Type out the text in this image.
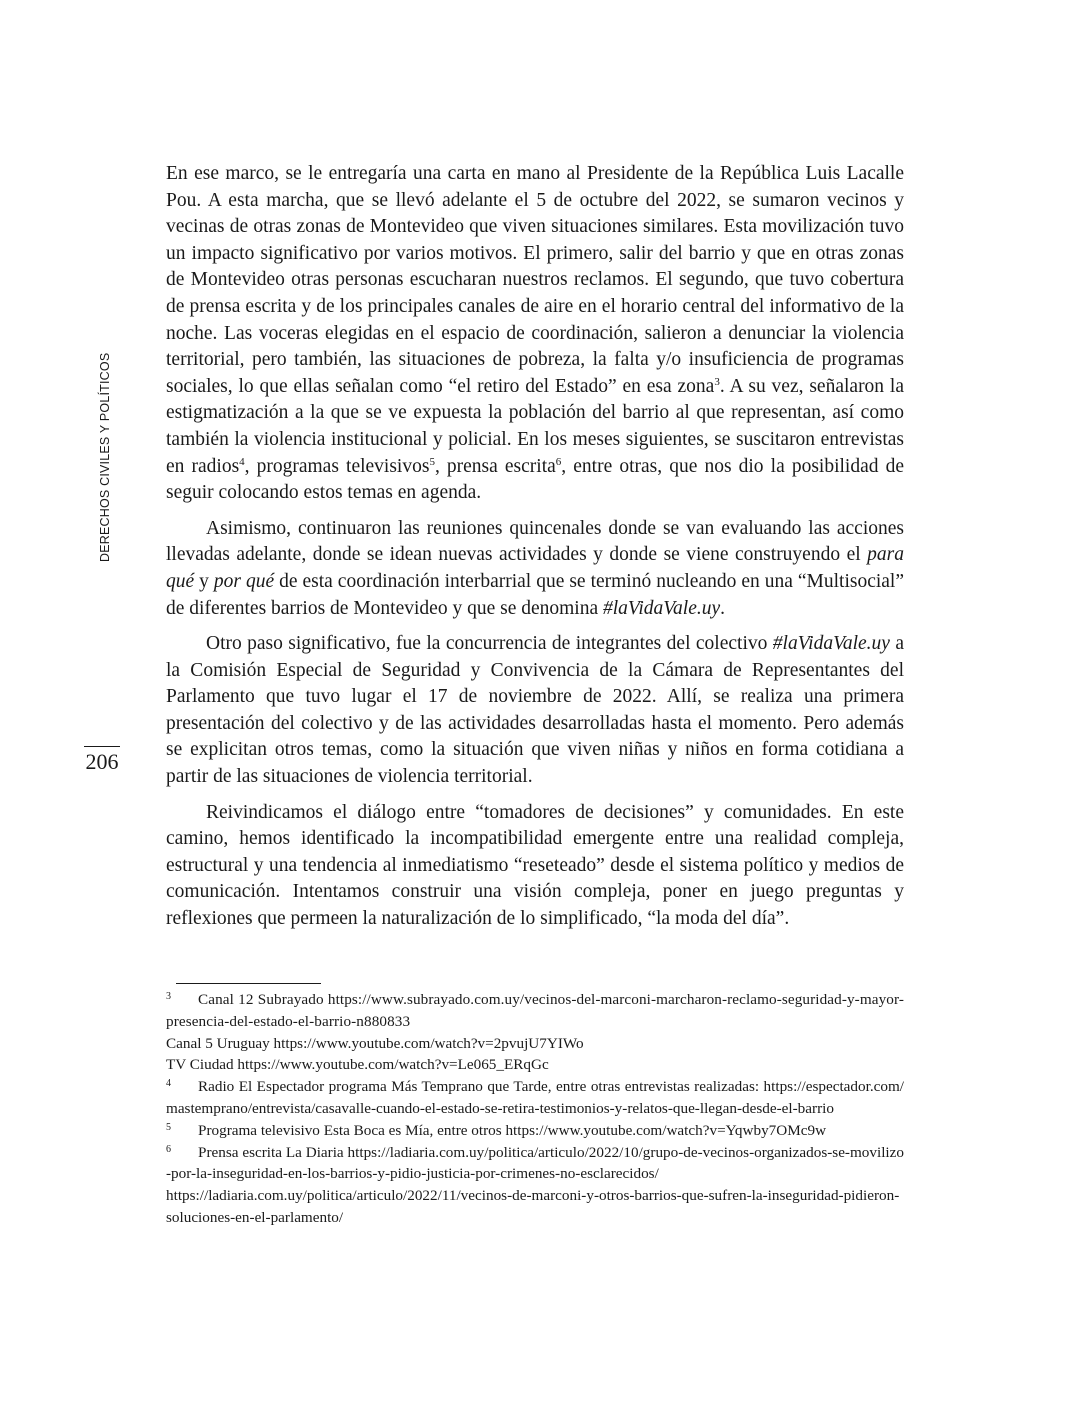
DERECHOS CIVILES Y POLÍTICOS
206

En ese marco, se le entregaría una carta en mano al Presidente de la República Luis Lacalle Pou. A esta marcha, que se llevó adelante el 5 de octubre del 2022, se sumaron vecinos y vecinas de otras zonas de Montevideo que viven situaciones similares. Esta movilización tuvo un impacto significativo por varios motivos. El primero, salir del barrio y que en otras zonas de Montevideo otras personas escucharan nuestros reclamos. El segundo, que tuvo cobertura de prensa escrita y de los principales canales de aire en el horario central del informativo de la noche. Las voceras elegidas en el espacio de coordinación, salieron a denunciar la violencia territorial, pero también, las situaciones de pobreza, la falta y/o insuficiencia de programas sociales, lo que ellas señalan como “el retiro del Estado” en esa zona$^3$. A su vez, señalaron la estigmatización a la que se ve expuesta la población del barrio al que representan, así como también la violencia institucional y policial. En los meses siguientes, se suscitaron entrevistas en radios$^4$, programas televisivos$^5$, prensa escrita$^6$, entre otras, que nos dio la posibilidad de seguir colocando estos temas en agenda.

Asimismo, continuaron las reuniones quincenales donde se van evaluando las acciones llevadas adelante, donde se idean nuevas actividades y donde se viene construyendo el para qué y por qué de esta coordinación interbarrial que se terminó nucleando en una “Multisocial” de diferentes barrios de Montevideo y que se denomina #laVidaVale.uy.

Otro paso significativo, fue la concurrencia de integrantes del colectivo #laVidaVale.uy a la Comisión Especial de Seguridad y Convivencia de la Cámara de Representantes del Parlamento que tuvo lugar el 17 de noviembre de 2022. Allí, se realiza una primera presentación del colectivo y de las actividades desarrolladas hasta el momento. Pero además se explicitan otros temas, como la situación que viven niñas y niños en forma cotidiana a partir de las situaciones de violencia territorial.

Reivindicamos el diálogo entre “tomadores de decisiones” y comunidades. En este camino, hemos identificado la incompatibilidad emergente entre una realidad compleja, estructural y una tendencia al inmediatismo “reseteado” desde el sistema político y medios de comunicación. Intentamos construir una visión compleja, poner en juego preguntas y reflexiones que permeen la naturalización de lo simplificado, “la moda del día”.

3 Canal 12 Subrayado https://www.subrayado.com.uy/vecinos-del-marconi-marcharon-reclamo-seguridad-y-mayor-presencia-del-estado-el-barrio-n880833

Canal 5 Uruguay https://www.youtube.com/watch?v=2pvujU7YIWo

TV Ciudad https://www.youtube.com/watch?v=Le065_ERqGc

4 Radio El Espectador programa Más Temprano que Tarde, entre otras entrevistas realizadas: https://espectador.com/mastemprano/entrevista/casavalle-cuando-el-estado-se-retira-testimonios-y-relatos-que-llegan-desde-el-barrio

5 Programa televisivo Esta Boca es Mía, entre otros https://www.youtube.com/watch?v=Yqwby7OMc9w

6 Prensa escrita La Diaria https://ladiaria.com.uy/politica/articulo/2022/10/grupo-de-vecinos-organizados-se-movilizo-por-la-inseguridad-en-los-barrios-y-pidio-justicia-por-crimenes-no-esclarecidos/

https://ladiaria.com.uy/politica/articulo/2022/11/vecinos-de-marconi-y-otros-barrios-que-sufren-la-inseguridad-pidieron-soluciones-en-el-parlamento/
